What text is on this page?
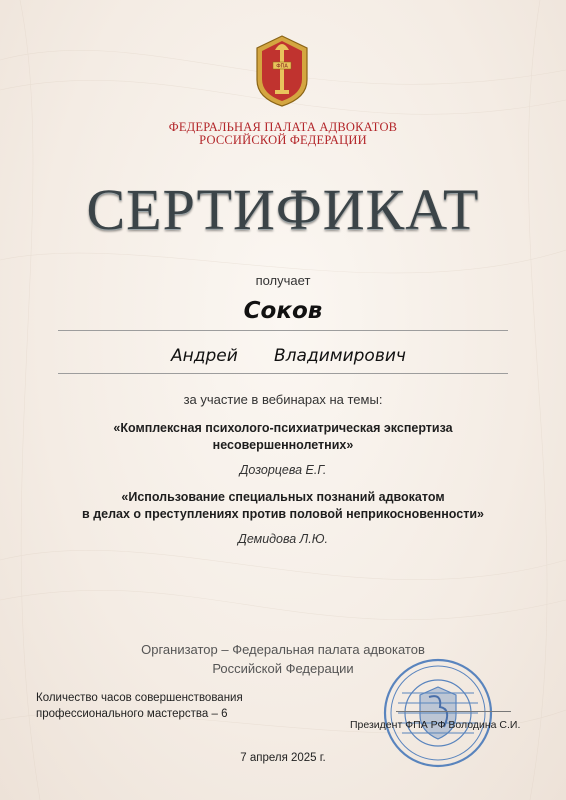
ФПА
ФЕДЕРАЛЬНАЯ ПАЛАТА АДВОКАТОВ
РОССИЙСКОЙ ФЕДЕРАЦИИ
СЕРТИФИКАТ
получает
Соков
Андрей Владимирович
за участие в вебинарах на темы:
«Комплексная психолого-психиатрическая экспертиза
несовершеннолетних»
Дозорцева Е.Г.
«Использование специальных познаний адвокатом
в делах о преступлениях против половой неприкосновенности»
Демидова Л.Ю.
Организатор – Федеральная палата адвокатов
Российской Федерации
Количество часов совершенствования
профессионального мастерства – 6
Президент ФПА РФ Володина С.И.
7 апреля 2025 г.
